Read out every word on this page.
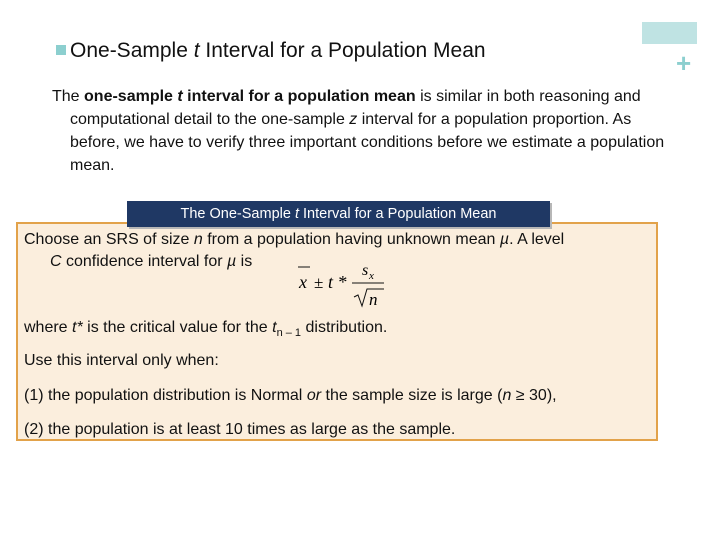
+
One-Sample t Interval for a Population Mean
The one-sample t interval for a population mean is similar in both reasoning and computational detail to the one-sample z interval for a population proportion. As before, we have to verify three important conditions before we estimate a population mean.
The One-Sample t Interval for a Population Mean
Choose an SRS of size n from a population having unknown mean µ. A level
C confidence interval for µ is
x ± t *
s x
n
where t* is the critical value for the $t_{n - 1}$ distribution.
Use this interval only when:
(1) the population distribution is Normal or the sample size is large (n ≥ 30),
(2) the population is at least 10 times as large as the sample.
